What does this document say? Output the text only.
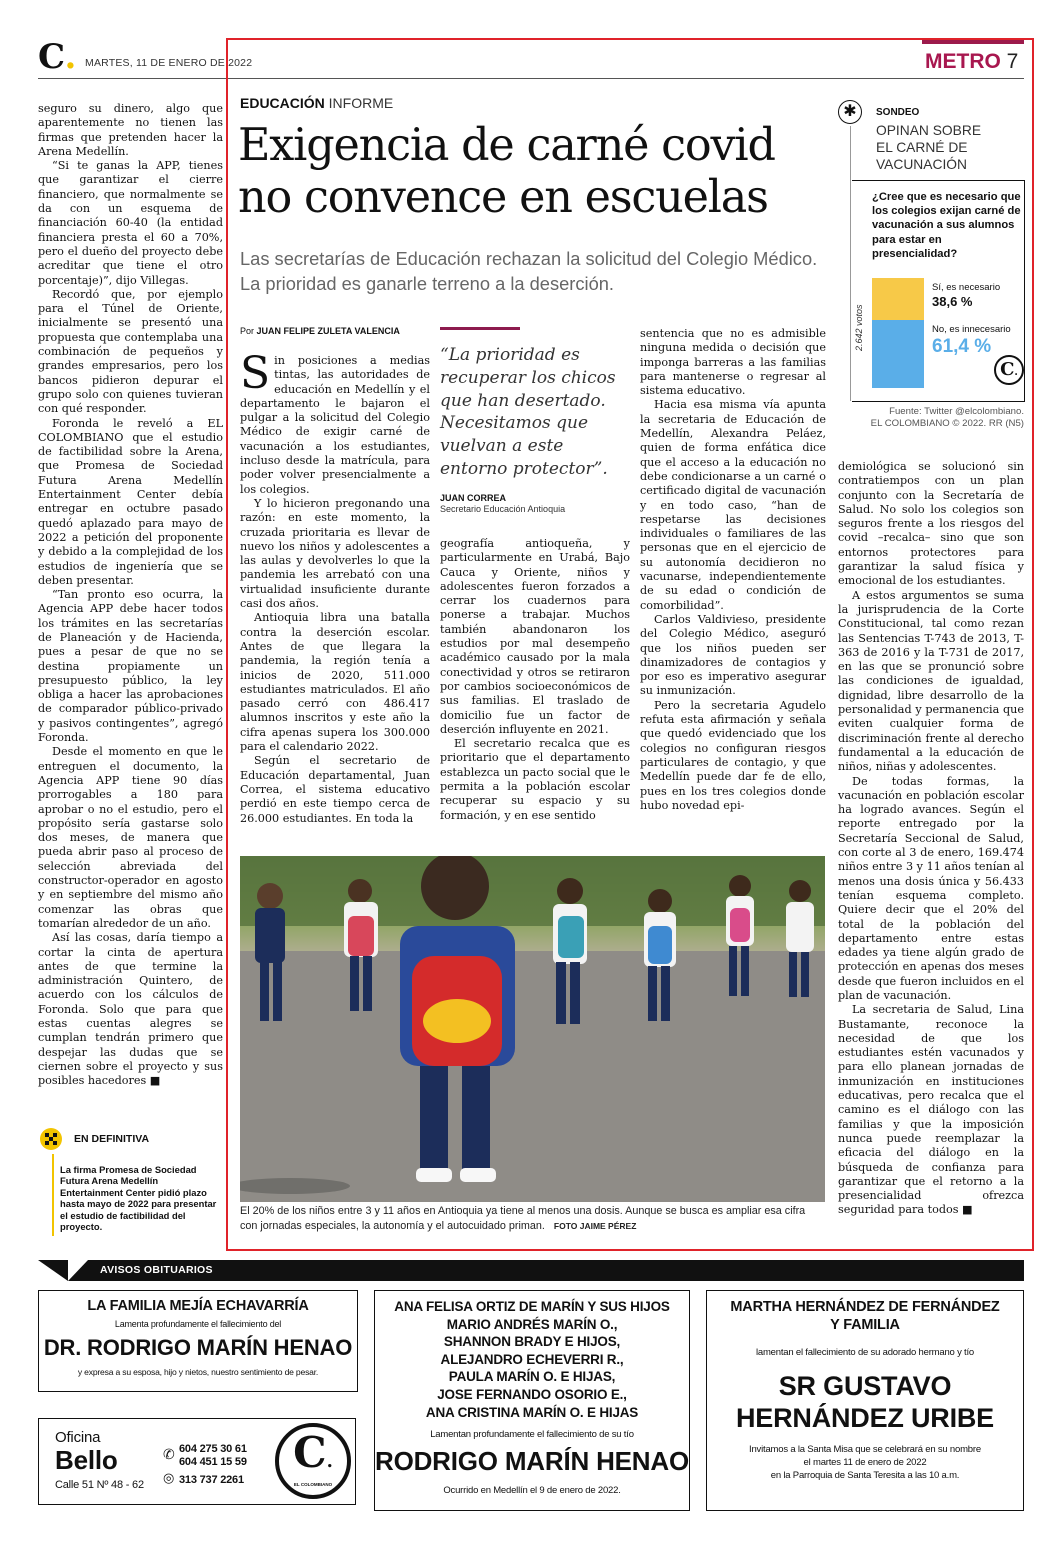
C. MARTES, 11 DE ENERO DE 2022	METRO 7

seguro su dinero, algo que aparentemente no tienen las firmas que pretenden hacer la Arena Medellín.

“Si te ganas la APP, tienes que garantizar el cierre financiero, que normalmente se da con un esquema de financiación 60-40 (la entidad financiera presta el 60 a 70%, pero el dueño del proyecto debe acreditar que tiene el otro porcentaje)”, dijo Villegas.

Recordó que, por ejemplo para el Túnel de Oriente, inicialmente se presentó una propuesta que contemplaba una combinación de pequeños y grandes empresarios, pero los bancos pidieron depurar el grupo solo con quienes tuvieran con qué responder.

Foronda le reveló a EL COLOMBIANO que el estudio de factibilidad sobre la Arena, que Promesa de Sociedad Futura Arena Medellín Entertainment Center debía entregar en octubre pasado quedó aplazado para mayo de 2022 a petición del proponente y debido a la complejidad de los estudios de ingeniería que se deben presentar.

“Tan pronto eso ocurra, la Agencia APP debe hacer todos los trámites en las secretarías de Planeación y de Hacienda, pues a pesar de que no se destina propiamente un presupuesto público, la ley obliga a hacer las aprobaciones de comparador público-privado y pasivos contingentes”, agregó Foronda.

Desde el momento en que le entreguen el documento, la Agencia APP tiene 90 días prorrogables a 180 para aprobar o no el estudio, pero el propósito sería gastarse solo dos meses, de manera que pueda abrir paso al proceso de selección abreviada del constructor-operador en agosto y en septiembre del mismo año comenzar las obras que tomarían alrededor de un año.

Así las cosas, daría tiempo a cortar la cinta de apertura antes de que termine la administración Quintero, de acuerdo con los cálculos de Foronda. Solo que para que estas cuentas alegres se cumplan tendrán primero que despejar las dudas que se ciernen sobre el proyecto y sus posibles hacedores ■

EN DEFINITIVA
La firma Promesa de Sociedad Futura Arena Medellín Entertainment Center pidió plazo hasta mayo de 2022 para presentar el estudio de factibilidad del proyecto.
EDUCACIÓN INFORME
Exigencia de carné covid
no convence en escuelas
Las secretarías de Educación rechazan la solicitud del Colegio Médico. La prioridad es ganarle terreno a la deserción.
✱	SONDEO
OPINAN SOBRE EL CARNÉ DE VACUNACIÓN
¿Cree que es necesario que los colegios exijan carné de vacunación a sus alumnos para estar en presencialidad?
2.642 votos
Sí, es necesario
38,6 %
No, es innecesario
61,4 %
C.
Fuente: Twitter @elcolombiano.
EL COLOMBIANO © 2022. RR (N5)
Por JUAN FELIPE ZULETA VALENCIA

Sin posiciones a medias tintas, las autoridades de educación en Medellín y el departamento le bajaron el pulgar a la solicitud del Colegio Médico de exigir carné de vacunación a los estudiantes, incluso desde la matrícula, para poder volver presencialmente a los colegios.

Y lo hicieron pregonando una razón: en este momento, la cruzada prioritaria es llevar de nuevo los niños y adolescentes a las aulas y devolverles lo que la pandemia les arrebató con una virtualidad insuficiente durante casi dos años.

Antioquia libra una batalla contra la deserción escolar. Antes de que llegara la pandemia, la región tenía a inicios de 2020, 511.000 estudiantes matriculados. El año pasado cerró con 486.417 alumnos inscritos y este año la cifra apenas supera los 300.000 para el calendario 2022.

Según el secretario de Educación departamental, Juan Correa, el sistema educativo perdió en este tiempo cerca de 26.000 estudiantes. En toda la

“La prioridad es recuperar los chicos que han desertado. Necesitamos que vuelvan a este entorno protector”.
JUAN CORREA
Secretario Educación Antioquia

geografía antioqueña, y particularmente en Urabá, Bajo Cauca y Oriente, niños y adolescentes fueron forzados a cerrar los cuadernos para ponerse a trabajar. Muchos también abandonaron los estudios por mal desempeño académico causado por la mala conectividad y otros se retiraron por cambios socioeconómicos de sus familias. El traslado de domicilio fue un factor de deserción influyente en 2021.

El secretario recalca que es prioritario que el departamento establezca un pacto social que le permita a la población escolar recuperar su espacio y su formación, y en ese sentido

sentencia que no es admisible ninguna medida o decisión que imponga barreras a las familias para mantenerse o regresar al sistema educativo.

Hacia esa misma vía apunta la secretaria de Educación de Medellín, Alexandra Peláez, quien de forma enfática dice que el acceso a la educación no debe condicionarse a un carné o certificado digital de vacunación y en todo caso, “han de respetarse las decisiones individuales o familiares de las personas que en el ejercicio de su autonomía decidieron no vacunarse, independientemente de su edad o condición de comorbilidad”.

Carlos Valdivieso, presidente del Colegio Médico, aseguró que los niños pueden ser dinamizadores de contagios y por eso es imperativo asegurar su inmunización.

Pero la secretaria Agudelo refuta esta afirmación y señala que quedó evidenciado que los colegios no configuran riesgos particulares de contagio, y que Medellín puede dar fe de ello, pues en los tres colegios donde hubo novedad epi-

demiológica se solucionó sin contratiempos con un plan conjunto con la Secretaría de Salud. No solo los colegios son seguros frente a los riesgos del covid –recalca– sino que son entornos protectores para garantizar la salud física y emocional de los estudiantes.

A estos argumentos se suma la jurisprudencia de la Corte Constitucional, tal como rezan las Sentencias T-743 de 2013, T-363 de 2016 y la T-731 de 2017, en las que se pronunció sobre las condiciones de igualdad, dignidad, libre desarrollo de la personalidad y permanencia que eviten cualquier forma de discriminación frente al derecho fundamental a la educación de niños, niñas y adolescentes.

De todas formas, la vacunación en población escolar ha logrado avances. Según el reporte entregado por la Secretaría Seccional de Salud, con corte al 3 de enero, 169.474 niños entre 3 y 11 años tenían al menos una dosis única y 56.433 tenían esquema completo. Quiere decir que el 20% del total de la población del departamento entre estas edades ya tiene algún grado de protección en apenas dos meses desde que fueron incluidos en el plan de vacunación.

La secretaria de Salud, Lina Bustamante, reconoce la necesidad de que los estudiantes estén vacunados y para ello planean jornadas de inmunización en instituciones educativas, pero recalca que el camino es el diálogo con las familias y que la imposición nunca puede reemplazar la eficacia del diálogo en la búsqueda de confianza para garantizar que el retorno a la presencialidad ofrezca seguridad para todos ■

El 20% de los niños entre 3 y 11 años en Antioquia ya tiene al menos una dosis. Aunque se busca es ampliar esa cifra con jornadas especiales, la autonomía y el autocuidado priman. FOTO JAIME PÉREZ
AVISOS OBITUARIOS
LA FAMILIA MEJÍA ECHAVARRÍA
Lamenta profundamente el fallecimiento del
DR. RODRIGO MARÍN HENAO
y expresa a su esposa, hijo y nietos, nuestro sentimiento de pesar.
Oficina
Bello
Calle 51 Nº 48 - 62
✆ 604 275 30 61
604 451 15 59
◎ 313 737 2261
C.
EL COLOMBIANO
ANA FELISA ORTIZ DE MARÍN Y SUS HIJOS
MARIO ANDRÉS MARÍN O.,
SHANNON BRADY E HIJOS,
ALEJANDRO ECHEVERRI R.,
PAULA MARÍN O. E HIJAS,
JOSE FERNANDO OSORIO E.,
ANA CRISTINA MARÍN O. E HIJAS
Lamentan profundamente el fallecimiento de su tío
RODRIGO MARÍN HENAO
Ocurrido en Medellín el 9 de enero de 2022.
MARTHA HERNÁNDEZ DE FERNÁNDEZ
Y FAMILIA
lamentan el fallecimiento de su adorado hermano y tío
SR GUSTAVO
HERNÁNDEZ URIBE
Invitamos a la Santa Misa que se celebrará en su nombre
el martes 11 de enero de 2022
en la Parroquia de Santa Teresita a las 10 a.m.
